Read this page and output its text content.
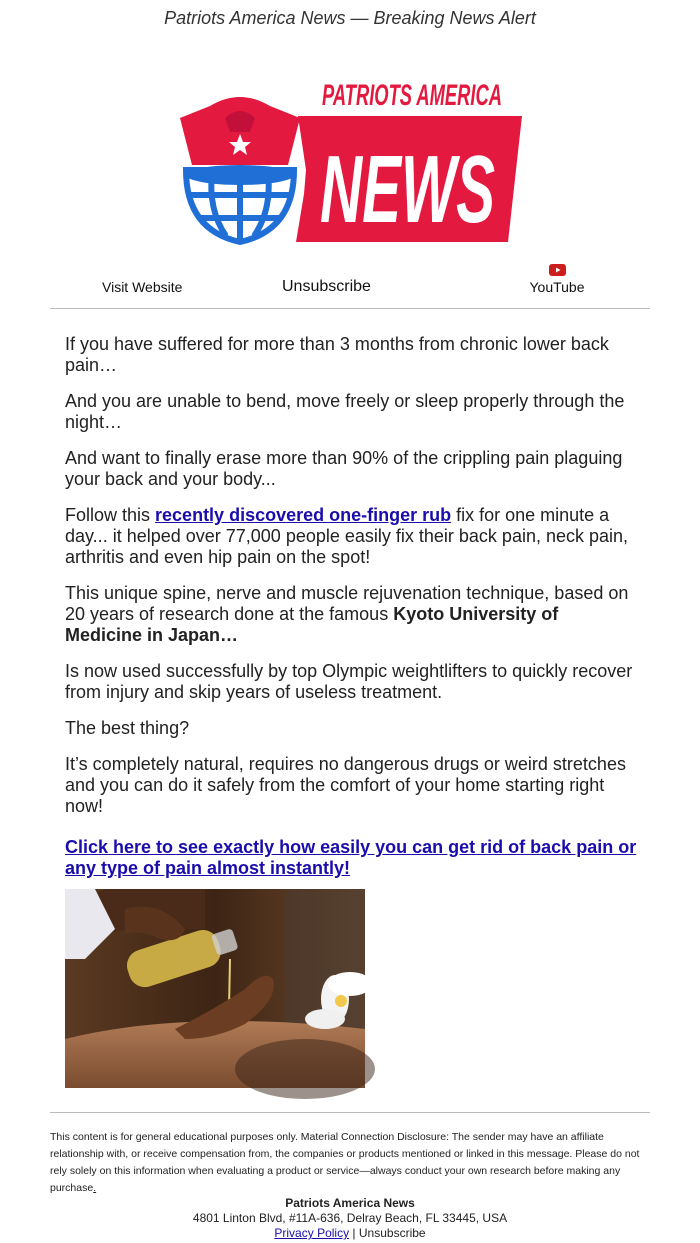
Patriots America News — Breaking News Alert
PATRIOTS AMERICA
NEWS
Visit Website	Unsubscribe	YouTube

If you have suffered for more than 3 months from chronic lower back pain…

And you are unable to bend, move freely or sleep properly through the night…

And want to finally erase more than 90% of the crippling pain plaguing your back and your body...

Follow this recently discovered one-finger rub fix for one minute a day... it helped over 77,000 people easily fix their back pain, neck pain, arthritis and even hip pain on the spot!

This unique spine, nerve and muscle rejuvenation technique, based on 20 years of research done at the famous Kyoto University of Medicine in Japan…

Is now used successfully by top Olympic weightlifters to quickly recover from injury and skip years of useless treatment.

The best thing?

It’s completely natural, requires no dangerous drugs or weird stretches and you can do it safely from the comfort of your home starting right now!

Click here to see exactly how easily you can get rid of back pain or any type of pain almost instantly!
This content is for general educational purposes only. Material Connection Disclosure: The sender may have an affiliate relationship with, or receive compensation from, the companies or products mentioned or linked in this message. Please do not rely solely on this information when evaluating a product or service—always conduct your own research before making any purchase.
Patriots America News
4801 Linton Blvd, #11A-636, Delray Beach, FL 33445, USA
Privacy Policy | Unsubscribe
